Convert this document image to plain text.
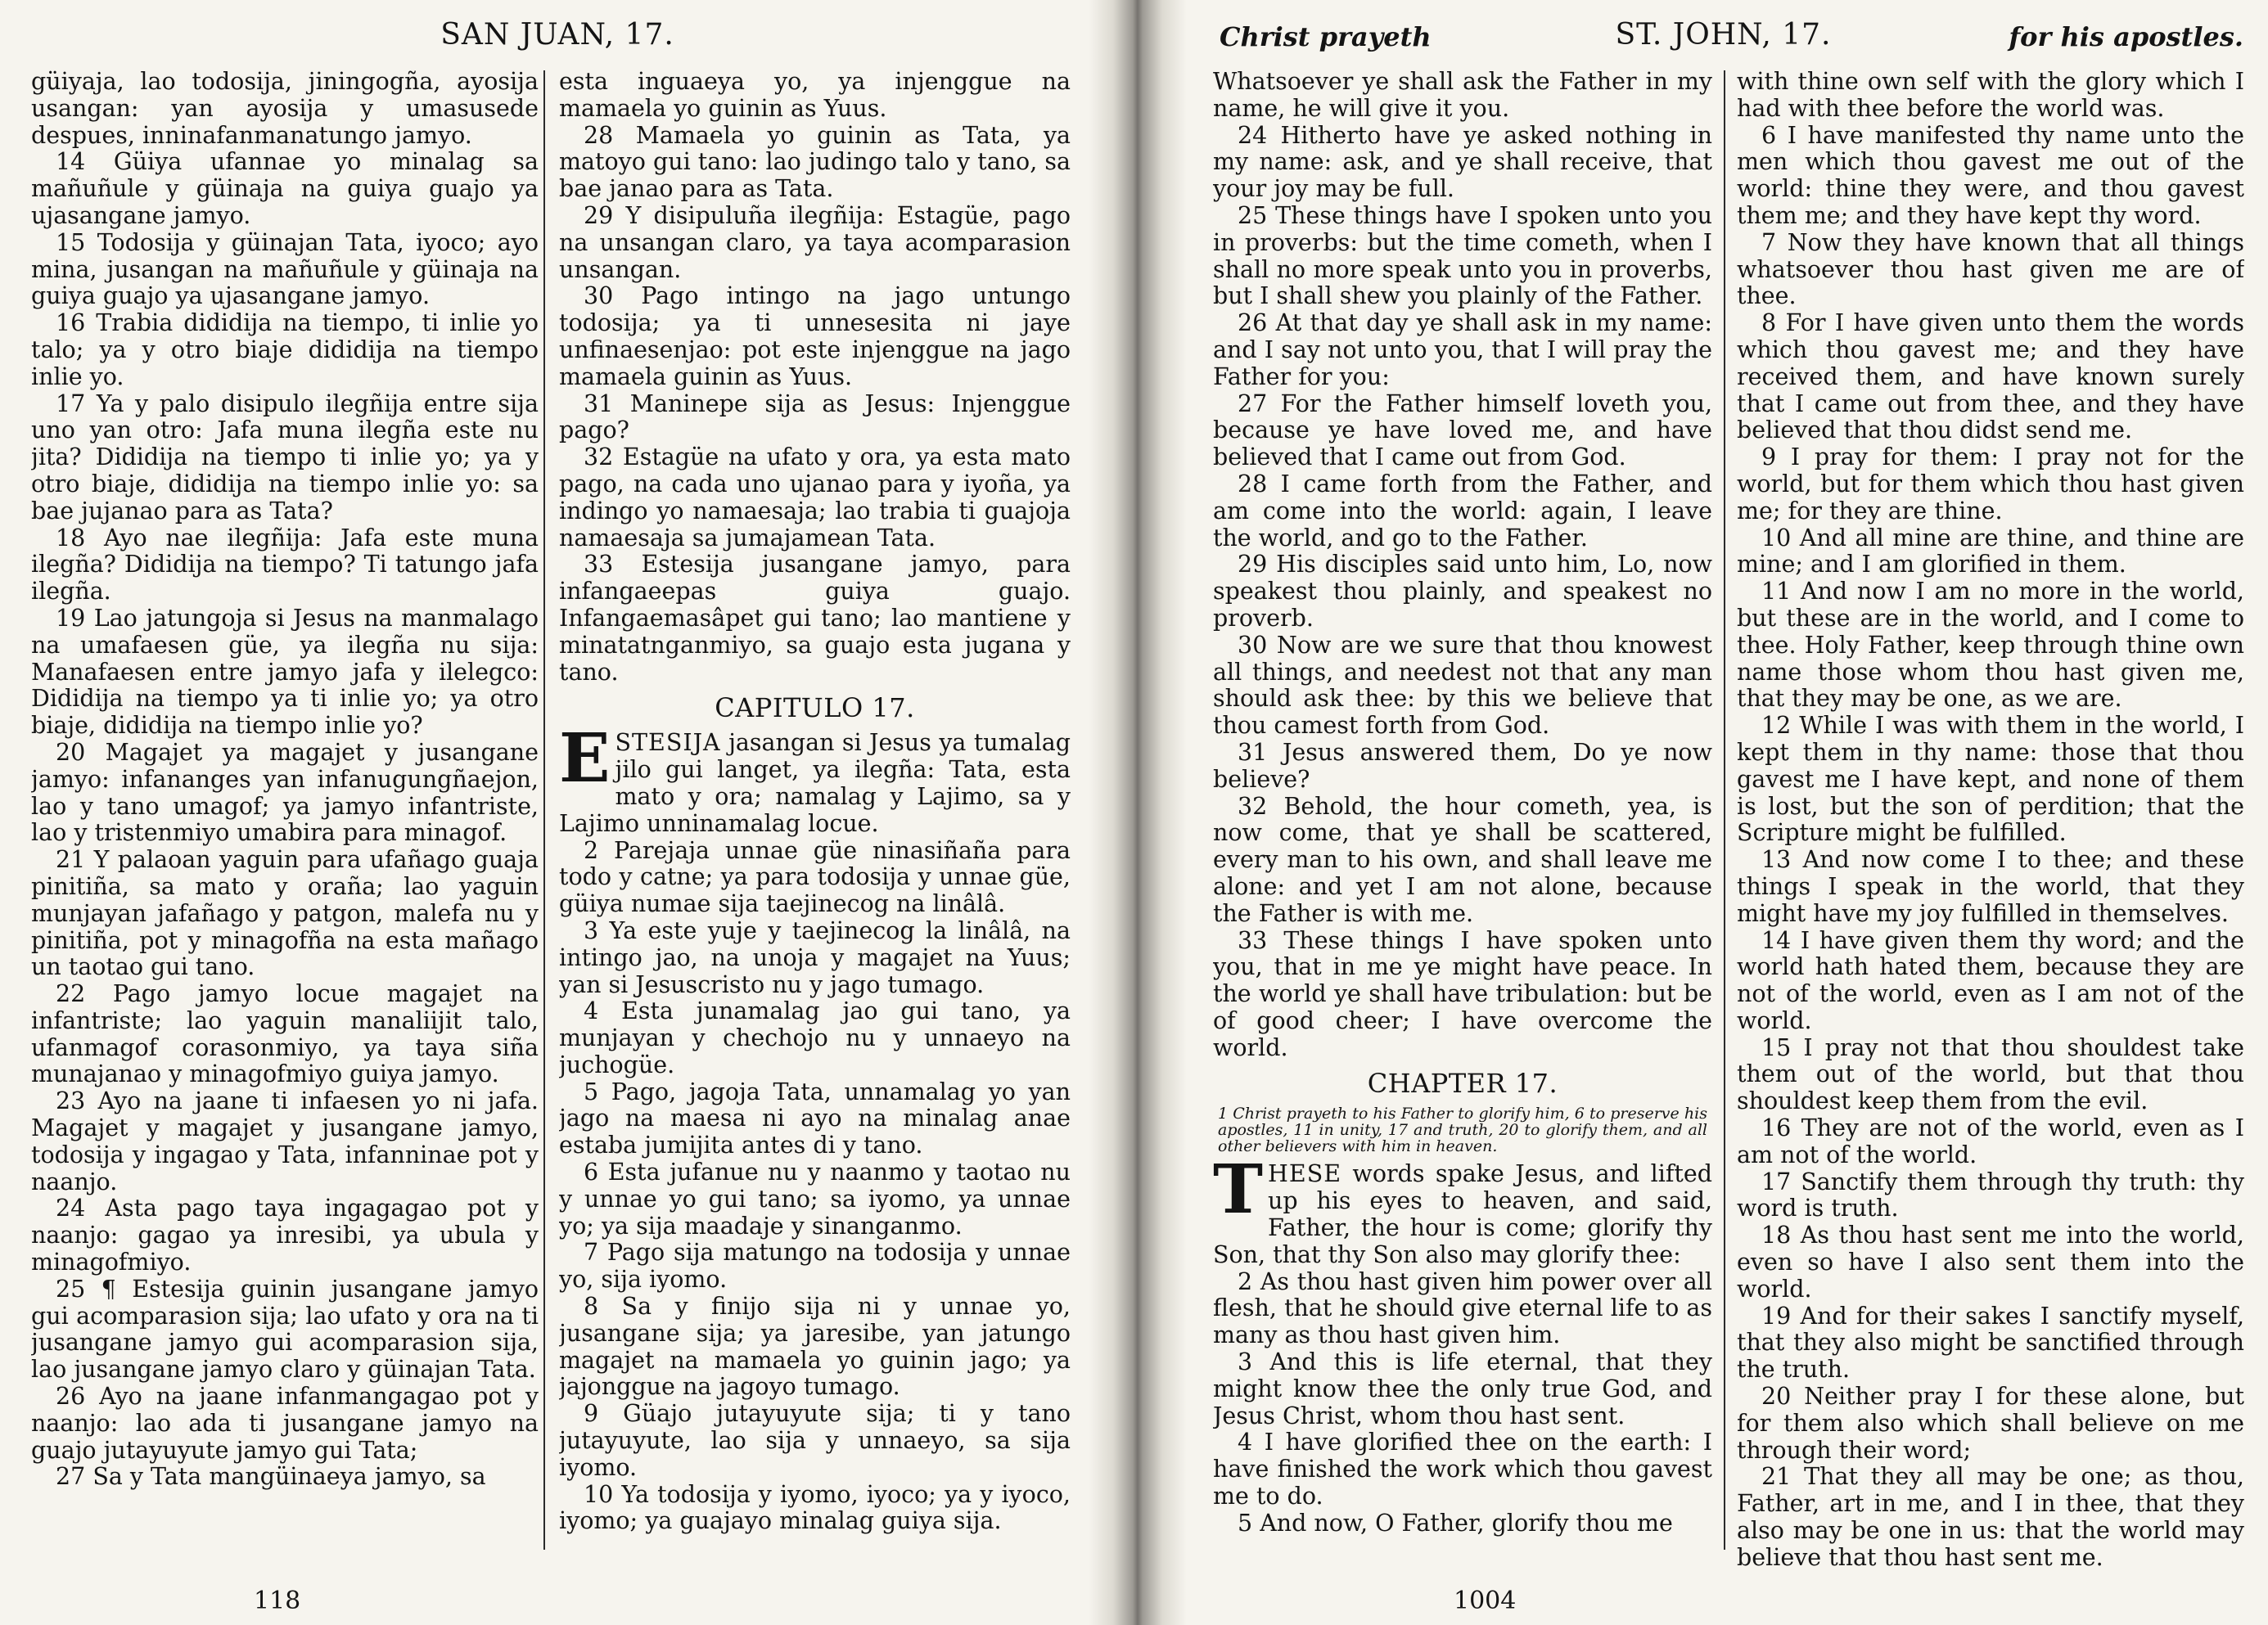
SAN JUAN, 17.

güiyaja, lao todosija, jiningogña, ayosija usangan: yan ayosija y umasusede despues, inninafanmanatungo jamyo.

14 Güiya ufannae yo minalag sa mañuñule y güinaja na guiya guajo ya ujasangane jamyo.

15 Todosija y güinajan Tata, iyoco; ayo mina, jusangan na mañuñule y güinaja na guiya guajo ya ujasangane jamyo.

16 Trabia dididija na tiempo, ti inlie yo talo; ya y otro biaje dididija na tiempo inlie yo.

17 Ya y palo disipulo ilegñija entre sija uno yan otro: Jafa muna ilegña este nu jita? Dididija na tiempo ti inlie yo; ya y otro biaje, dididija na tiempo inlie yo: sa bae jujanao para as Tata?

18 Ayo nae ilegñija: Jafa este muna ilegña? Dididija na tiempo? Ti tatungo jafa ilegña.

19 Lao jatungoja si Jesus na manmalago na umafaesen güe, ya ilegña nu sija: Manafaesen entre jamyo jafa y ilelegco: Dididija na tiempo ya ti inlie yo; ya otro biaje, dididija na tiempo inlie yo?

20 Magajet ya magajet y jusangane jamyo: infananges yan infanugungñaejon, lao y tano umagof; ya jamyo infantriste, lao y tristenmiyo umabira para minagof.

21 Y palaoan yaguin para ufañago guaja pinitiña, sa mato y oraña; lao yaguin munjayan jafañago y patgon, malefa nu y pinitiña, pot y minagofña na esta mañago un taotao gui tano.

22 Pago jamyo locue magajet na infantriste; lao yaguin manaliijit talo, ufanmagof corasonmiyo, ya taya siña munajanao y minagofmiyo guiya jamyo.

23 Ayo na jaane ti infaesen yo ni jafa. Magajet y magajet y jusangane jamyo, todosija y ingagao y Tata, infanninae pot y naanjo.

24 Asta pago taya ingagagao pot y naanjo: gagao ya inresibi, ya ubula y minagofmiyo.

25 ¶ Estesija guinin jusangane jamyo gui acomparasion sija; lao ufato y ora na ti jusangane jamyo gui acomparasion sija, lao jusangane jamyo claro y güinajan Tata.

26 Ayo na jaane infanmangagao pot y naanjo: lao ada ti jusangane jamyo na guajo jutayuyute jamyo gui Tata;

27 Sa y Tata mangüinaeya jamyo, sa

esta inguaeya yo, ya injenggue na mamaela yo guinin as Yuus.

28 Mamaela yo guinin as Tata, ya matoyo gui tano: lao judingo talo y tano, sa bae janao para as Tata.

29 Y disipuluña ilegñija: Estagüe, pago na unsangan claro, ya taya acomparasion unsangan.

30 Pago intingo na jago untungo todosija; ya ti unnesesita ni jaye unfinaesenjao: pot este injenggue na jago mamaela guinin as Yuus.

31 Maninepe sija as Jesus: Injenggue pago?

32 Estagüe na ufato y ora, ya esta mato pago, na cada uno ujanao para y iyoña, ya indingo yo namaesaja; lao trabia ti guajoja namaesaja sa jumajamean Tata.

33 Estesija jusangane jamyo, para infangaeepas guiya guajo. Infangaemasâpet gui tano; lao mantiene y minatatnganmiyo, sa guajo esta jugana y tano.

CAPITULO 17.

ESTESIJA jasangan si Jesus ya tumalag jilo gui langet, ya ilegña: Tata, esta mato y ora; namalag y Lajimo, sa y Lajimo unninamalag locue.

2 Parejaja unnae güe ninasiñaña para todo y catne; ya para todosija y unnae güe, güiya numae sija taejinecog na linâlâ.

3 Ya este yuje y taejinecog la linâlâ, na intingo jao, na unoja y magajet na Yuus; yan si Jesuscristo nu y jago tumago.

4 Esta junamalag jao gui tano, ya munjayan y chechojo nu y unnaeyo na juchogüe.

5 Pago, jagoja Tata, unnamalag yo yan jago na maesa ni ayo na minalag anae estaba jumijita antes di y tano.

6 Esta jufanue nu y naanmo y taotao nu y unnae yo gui tano; sa iyomo, ya unnae yo; ya sija maadaje y sinanganmo.

7 Pago sija matungo na todosija y unnae yo, sija iyomo.

8 Sa y finijo sija ni y unnae yo, jusangane sija; ya jaresibe, yan jatungo magajet na mamaela yo guinin jago; ya jajonggue na jagoyo tumago.

9 Güajo jutayuyute sija; ti y tano jutayuyute, lao sija y unnaeyo, sa sija iyomo.

10 Ya todosija y iyomo, iyoco; ya y iyoco, iyomo; ya guajayo minalag guiya sija.

118
Christ prayeth	ST. JOHN, 17.	for his apostles.

Whatsoever ye shall ask the Father in my name, he will give it you.

24 Hitherto have ye asked nothing in my name: ask, and ye shall receive, that your joy may be full.

25 These things have I spoken unto you in proverbs: but the time cometh, when I shall no more speak unto you in proverbs, but I shall shew you plainly of the Father.

26 At that day ye shall ask in my name: and I say not unto you, that I will pray the Father for you:

27 For the Father himself loveth you, because ye have loved me, and have believed that I came out from God.

28 I came forth from the Father, and am come into the world: again, I leave the world, and go to the Father.

29 His disciples said unto him, Lo, now speakest thou plainly, and speakest no proverb.

30 Now are we sure that thou knowest all things, and needest not that any man should ask thee: by this we believe that thou camest forth from God.

31 Jesus answered them, Do ye now believe?

32 Behold, the hour cometh, yea, is now come, that ye shall be scattered, every man to his own, and shall leave me alone: and yet I am not alone, because the Father is with me.

33 These things I have spoken unto you, that in me ye might have peace. In the world ye shall have tribulation: but be of good cheer; I have overcome the world.

CHAPTER 17.
1 Christ prayeth to his Father to glorify him, 6 to preserve his apostles, 11 in unity, 17 and truth, 20 to glorify them, and all other believers with him in heaven.

THESE words spake Jesus, and lifted up his eyes to heaven, and said, Father, the hour is come; glorify thy Son, that thy Son also may glorify thee:

2 As thou hast given him power over all flesh, that he should give eternal life to as many as thou hast given him.

3 And this is life eternal, that they might know thee the only true God, and Jesus Christ, whom thou hast sent.

4 I have glorified thee on the earth: I have finished the work which thou gavest me to do.

5 And now, O Father, glorify thou me

with thine own self with the glory which I had with thee before the world was.

6 I have manifested thy name unto the men which thou gavest me out of the world: thine they were, and thou gavest them me; and they have kept thy word.

7 Now they have known that all things whatsoever thou hast given me are of thee.

8 For I have given unto them the words which thou gavest me; and they have received them, and have known surely that I came out from thee, and they have believed that thou didst send me.

9 I pray for them: I pray not for the world, but for them which thou hast given me; for they are thine.

10 And all mine are thine, and thine are mine; and I am glorified in them.

11 And now I am no more in the world, but these are in the world, and I come to thee. Holy Father, keep through thine own name those whom thou hast given me, that they may be one, as we are.

12 While I was with them in the world, I kept them in thy name: those that thou gavest me I have kept, and none of them is lost, but the son of perdition; that the Scripture might be fulfilled.

13 And now come I to thee; and these things I speak in the world, that they might have my joy fulfilled in themselves.

14 I have given them thy word; and the world hath hated them, because they are not of the world, even as I am not of the world.

15 I pray not that thou shouldest take them out of the world, but that thou shouldest keep them from the evil.

16 They are not of the world, even as I am not of the world.

17 Sanctify them through thy truth: thy word is truth.

18 As thou hast sent me into the world, even so have I also sent them into the world.

19 And for their sakes I sanctify myself, that they also might be sanctified through the truth.

20 Neither pray I for these alone, but for them also which shall believe on me through their word;

21 That they all may be one; as thou, Father, art in me, and I in thee, that they also may be one in us: that the world may believe that thou hast sent me.

1004
